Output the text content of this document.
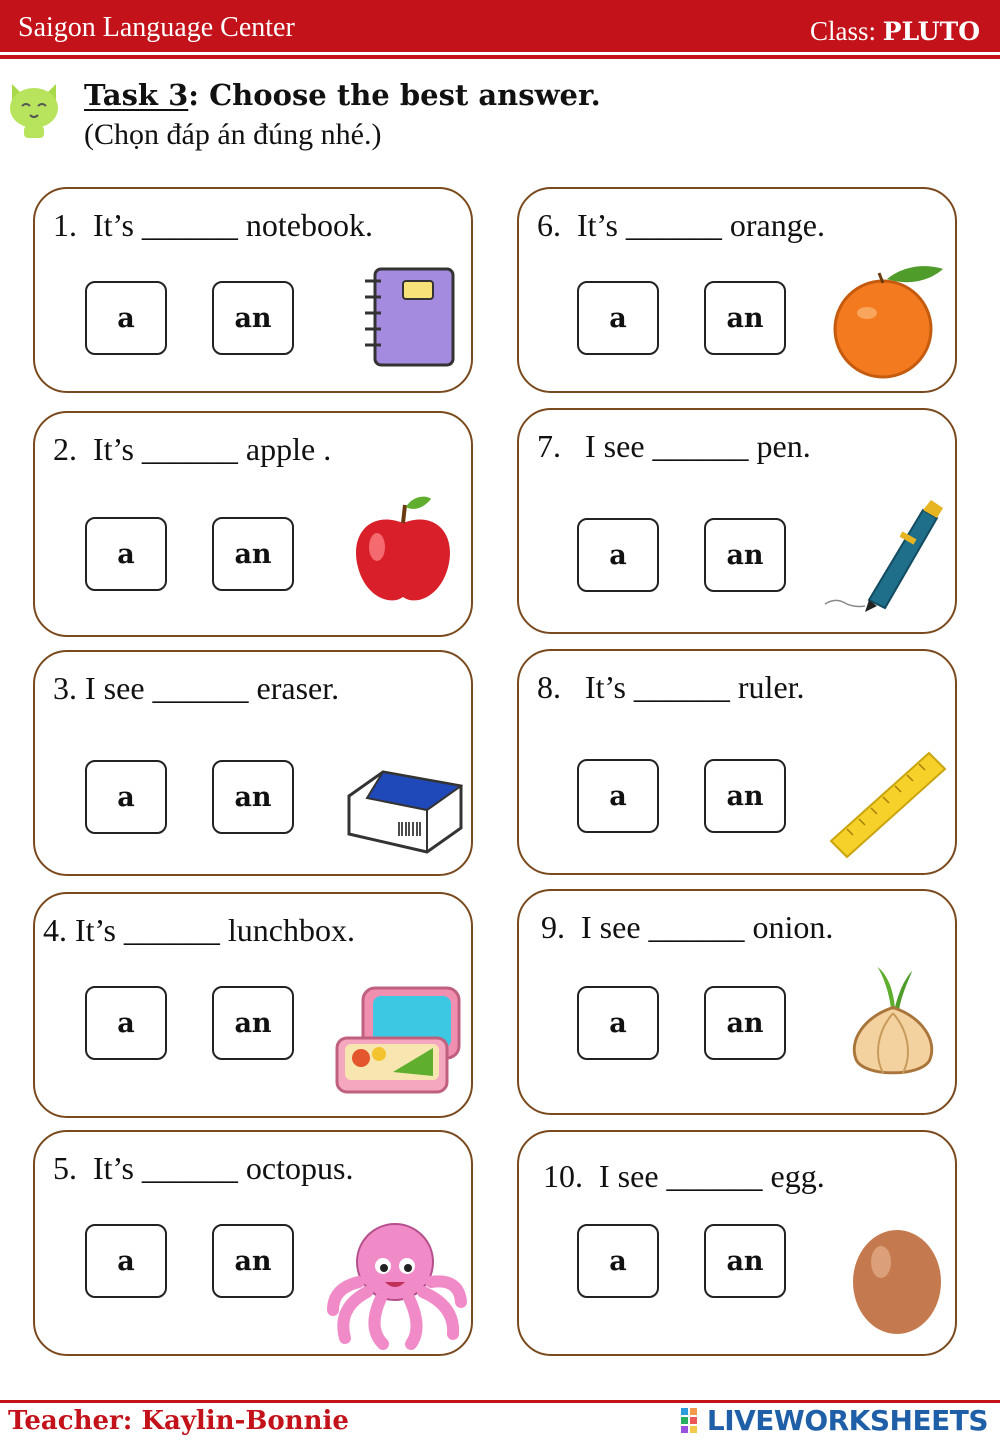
Saigon Language Center	Class: PLUTO
Task 3: Choose the best answer.
(Chọn đáp án đúng nhé.)
1.  It’s ______ notebook.
a	an
2.  It’s ______ apple .
a	an
3. I see ______ eraser.
a	an
4. It’s ______ lunchbox.
a	an
5.  It’s ______ octopus.
a	an
6.  It’s ______ orange.
a	an
7.   I see ______ pen.
a	an
8.   It’s ______ ruler.
a	an
9.  I see ______ onion.
a	an
10.  I see ______ egg.
a	an
Teacher: Kaylin-Bonnie	LIVEWORKSHEETS
